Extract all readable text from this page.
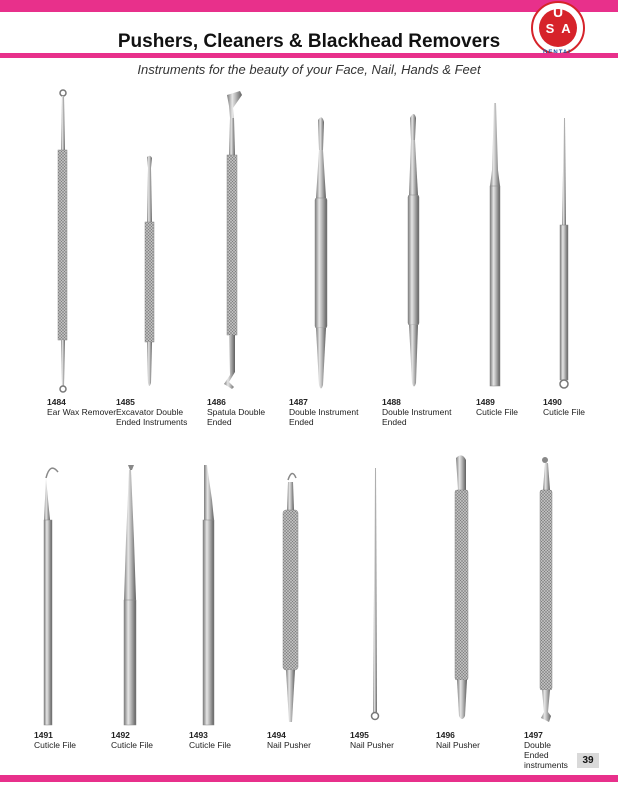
U
S A
Pushers, Cleaners & Blackhead Removers
Instruments for the beauty of your Face, Nail, Hands & Feet
1484
Ear Wax Remover
1485
Excavator Double Ended Instruments
1486
Spatula Double Ended
1487
Double Instrument Ended
1488
Double Instrument Ended
1489
Cuticle File
1490
Cuticle File
1491
Cuticle File
1492
Cuticle File
1493
Cuticle File
1494
Nail Pusher
1495
Nail Pusher
1496
Nail Pusher
1497
Double Ended instruments	39
